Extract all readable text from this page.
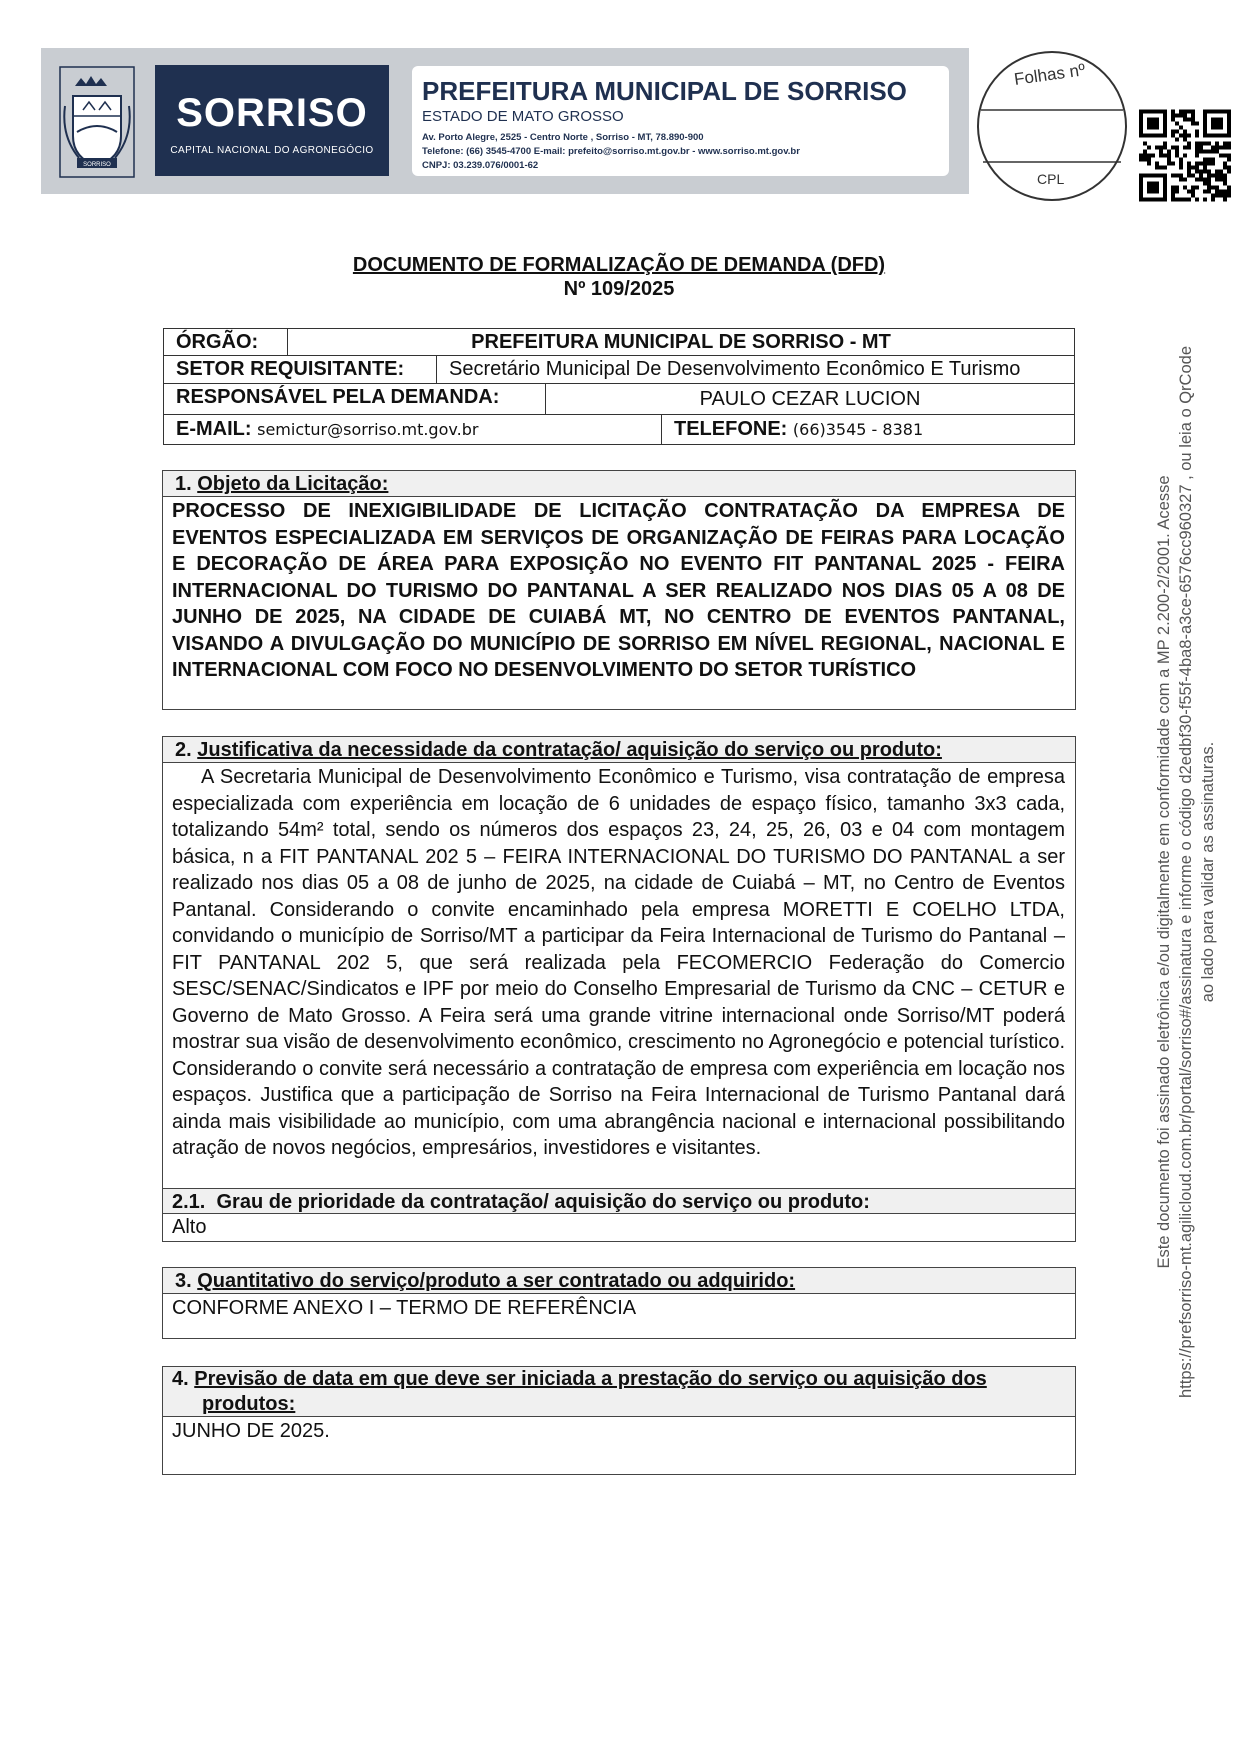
SORRISO
SORRISO
CAPITAL NACIONAL DO AGRONEGÓCIO
PREFEITURA MUNICIPAL DE SORRISO
ESTADO DE MATO GROSSO
Av. Porto Alegre, 2525 - Centro Norte , Sorriso - MT, 78.890-900
Telefone: (66) 3545-4700 E-mail: prefeito@sorriso.mt.gov.br - www.sorriso.mt.gov.br
CNPJ: 03.239.076/0001-62
Folhas nº
CPL
Este documento foi assinado eletrônica e/ou digitalmente em conformidade com a MP 2.200-2/2001. Acesse https://prefsorriso-mt.agilicloud.com.br/portal/sorriso#/assinatura e informe o código d2edbf30-f55f-4ba8-a3ce-6576cc960327 , ou leia o QrCode ao lado para validar as assinaturas.
DOCUMENTO DE FORMALIZAÇÃO DE DEMANDA (DFD)
Nº 109/2025
ÓRGÃO:	PREFEITURA MUNICIPAL DE SORRISO - MT
SETOR REQUISITANTE:	Secretário Municipal De Desenvolvimento Econômico E Turismo
RESPONSÁVEL PELA DEMANDA:	PAULO CEZAR LUCION
E-MAIL: semictur@sorriso.mt.gov.br	TELEFONE: (66)3545 - 8381
1. Objeto da Licitação:
PROCESSO DE INEXIGIBILIDADE DE LICITAÇÃO CONTRATAÇÃO DA EMPRESA DE EVENTOS ESPECIALIZADA EM SERVIÇOS DE ORGANIZAÇÃO DE FEIRAS PARA LOCAÇÃO E DECORAÇÃO DE ÁREA PARA EXPOSIÇÃO NO EVENTO FIT PANTANAL 2025 - FEIRA INTERNACIONAL DO TURISMO DO PANTANAL A SER REALIZADO NOS DIAS 05 A 08 DE JUNHO DE 2025, NA CIDADE DE CUIABÁ MT, NO CENTRO DE EVENTOS PANTANAL, VISANDO A DIVULGAÇÃO DO MUNICÍPIO DE SORRISO EM NÍVEL REGIONAL, NACIONAL E INTERNACIONAL COM FOCO NO DESENVOLVIMENTO DO SETOR TURÍSTICO
2. Justificativa da necessidade da contratação/ aquisição do serviço ou produto:

A Secretaria Municipal de Desenvolvimento Econômico e Turismo, visa contratação de empresa especializada com experiência em locação de 6 unidades de espaço físico, tamanho 3x3 cada, totalizando 54m² total, sendo os números dos espaços 23, 24, 25, 26, 03 e 04 com montagem básica, n a FIT PANTANAL 202 5 – FEIRA INTERNACIONAL DO TURISMO DO PANTANAL a ser realizado nos dias 05 a 08 de junho de 2025, na cidade de Cuiabá – MT, no Centro de Eventos Pantanal. Considerando o convite encaminhado pela empresa MORETTI E COELHO LTDA, convidando o município de Sorriso/MT a participar da Feira Internacional de Turismo do Pantanal – FIT PANTANAL 202 5, que será realizada pela FECOMERCIO Federação do Comercio SESC/SENAC/Sindicatos e IPF por meio do Conselho Empresarial de Turismo da CNC – CETUR e Governo de Mato Grosso. A Feira será uma grande vitrine internacional onde Sorriso/MT poderá mostrar sua visão de desenvolvimento econômico, crescimento no Agronegócio e potencial turístico. Considerando o convite será necessário a contratação de empresa com experiência em locação nos espaços. Justifica que a participação de Sorriso na Feira Internacional de Turismo Pantanal dará ainda mais visibilidade ao município, com uma abrangência nacional e internacional possibilitando atração de novos negócios, empresários, investidores e visitantes.

2.1. Grau de prioridade da contratação/ aquisição do serviço ou produto:
Alto
3. Quantitativo do serviço/produto a ser contratado ou adquirido:
CONFORME ANEXO I – TERMO DE REFERÊNCIA
4. Previsão de data em que deve ser iniciada a prestação do serviço ou aquisição dos
produtos:
JUNHO DE 2025.
